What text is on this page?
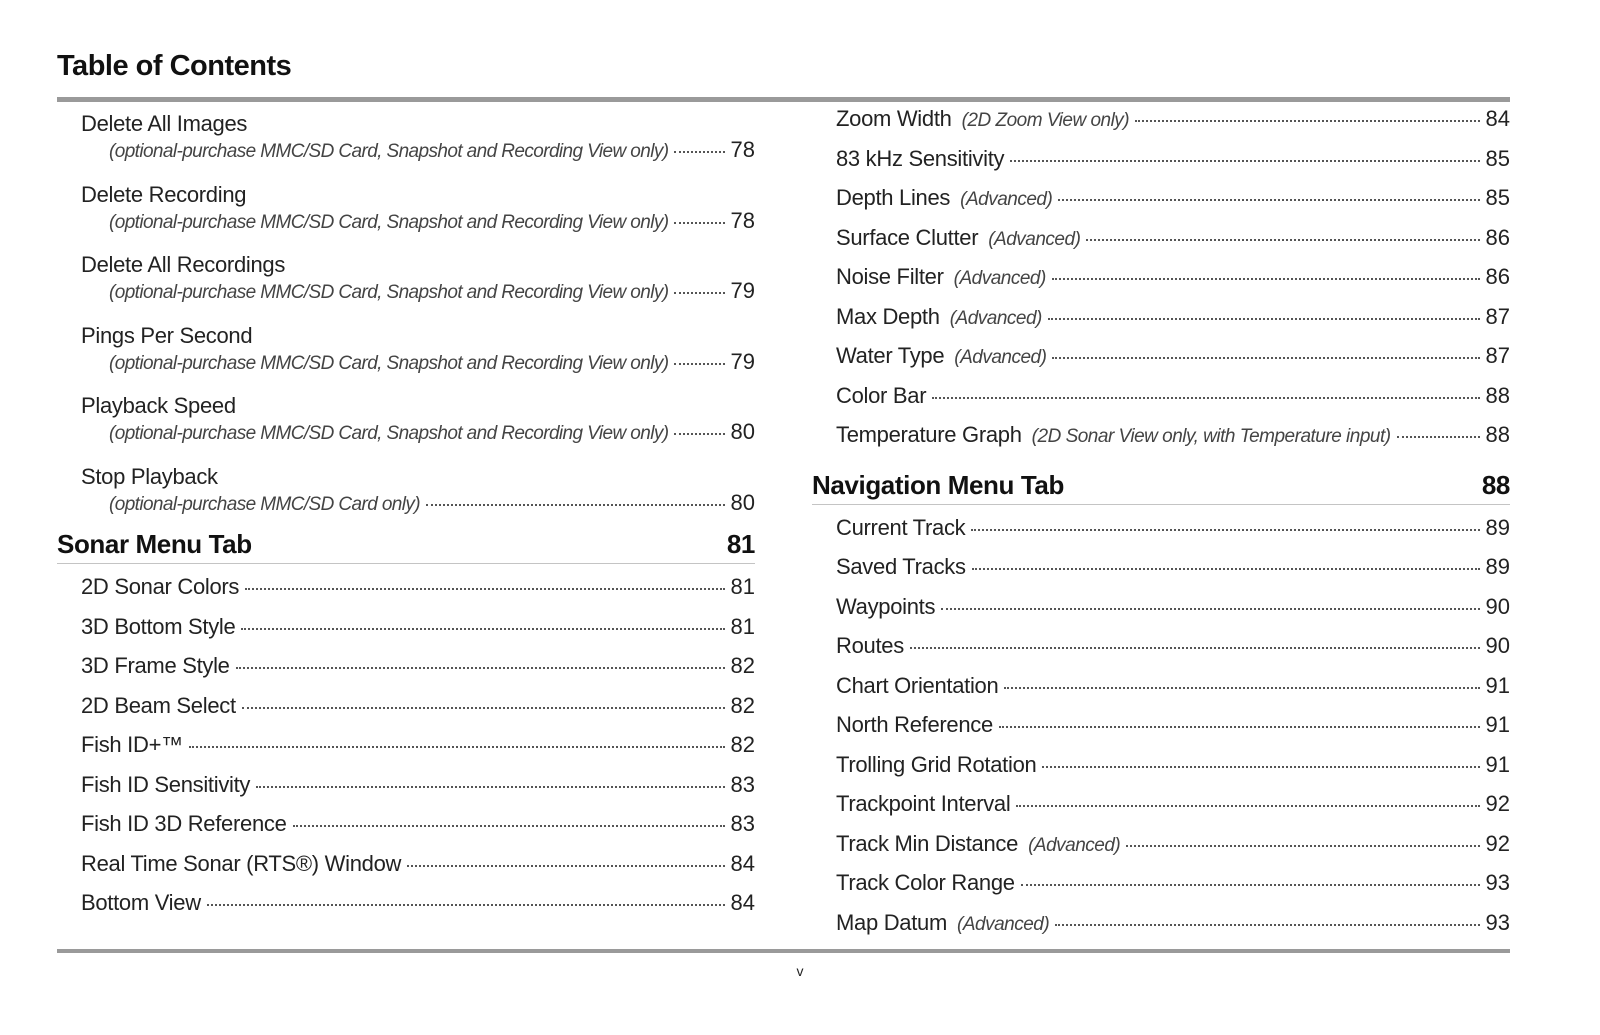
Table of Contents
Delete All Images
(optional-purchase MMC/SD Card, Snapshot and Recording View only)	78
Delete Recording
(optional-purchase MMC/SD Card, Snapshot and Recording View only)	78
Delete All Recordings
(optional-purchase MMC/SD Card, Snapshot and Recording View only)	79
Pings Per Second
(optional-purchase MMC/SD Card, Snapshot and Recording View only)	79
Playback Speed
(optional-purchase MMC/SD Card, Snapshot and Recording View only)	80
Stop Playback
(optional-purchase MMC/SD Card only)	80
Sonar Menu Tab	81
2D Sonar Colors	81
3D Bottom Style	81
3D Frame Style	82
2D Beam Select	82
Fish ID+™	82
Fish ID Sensitivity	83
Fish ID 3D Reference	83
Real Time Sonar (RTS®) Window	84
Bottom View	84
Zoom Width (2D Zoom View only)	84
83 kHz Sensitivity	85
Depth Lines (Advanced)	85
Surface Clutter (Advanced)	86
Noise Filter (Advanced)	86
Max Depth (Advanced)	87
Water Type (Advanced)	87
Color Bar	88
Temperature Graph (2D Sonar View only, with Temperature input)	88
Navigation Menu Tab	88
Current Track	89
Saved Tracks	89
Waypoints	90
Routes	90
Chart Orientation	91
North Reference	91
Trolling Grid Rotation	91
Trackpoint Interval	92
Track Min Distance (Advanced)	92
Track Color Range	93
Map Datum (Advanced)	93
v
